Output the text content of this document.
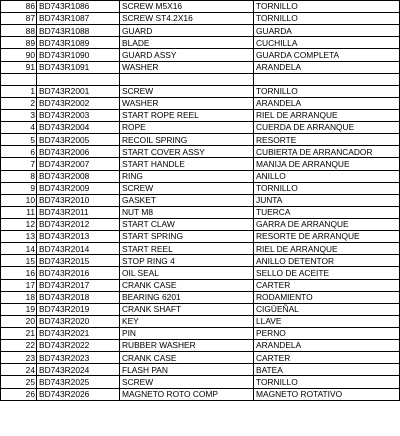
86	BD743R1086	SCREW M5X16	TORNILLO
87	BD743R1087	SCREW ST4.2X16	TORNILLO
88	BD743R1088	GUARD	GUARDA
89	BD743R1089	BLADE	CUCHILLA
90	BD743R1090	GUARD ASSY	GUARDA COMPLETA
91	BD743R1091	WASHER	ARANDELA

1	BD743R2001	SCREW	TORNILLO
2	BD743R2002	WASHER	ARANDELA
3	BD743R2003	START ROPE REEL	RIEL DE ARRANQUE
4	BD743R2004	ROPE	CUERDA DE ARRANQUE
5	BD743R2005	RECOIL SPRING	RESORTE
6	BD743R2006	START COVER ASSY	CUBIERTA DE ARRANCADOR
7	BD743R2007	START HANDLE	MANIJA DE ARRANQUE
8	BD743R2008	RING	ANILLO
9	BD743R2009	SCREW	TORNILLO
10	BD743R2010	GASKET	JUNTA
11	BD743R2011	NUT M8	TUERCA
12	BD743R2012	START CLAW	GARRA DE ARRANQUE
13	BD743R2013	START SPRING	RESORTE DE ARRANQUE
14	BD743R2014	START REEL	RIEL DE ARRANQUE
15	BD743R2015	STOP RING 4	ANILLO DETENTOR
16	BD743R2016	OIL SEAL	SELLO DE ACEITE
17	BD743R2017	CRANK CASE	CARTER
18	BD743R2018	BEARING 6201	RODAMIENTO
19	BD743R2019	CRANK SHAFT	CIGÜEÑAL
20	BD743R2020	KEY	LLAVE
21	BD743R2021	PIN	PERNO
22	BD743R2022	RUBBER WASHER	ARANDELA
23	BD743R2023	CRANK CASE	CARTER
24	BD743R2024	FLASH PAN	BATEA
25	BD743R2025	SCREW	TORNILLO
26	BD743R2026	MAGNETO ROTO COMP	MAGNETO ROTATIVO
